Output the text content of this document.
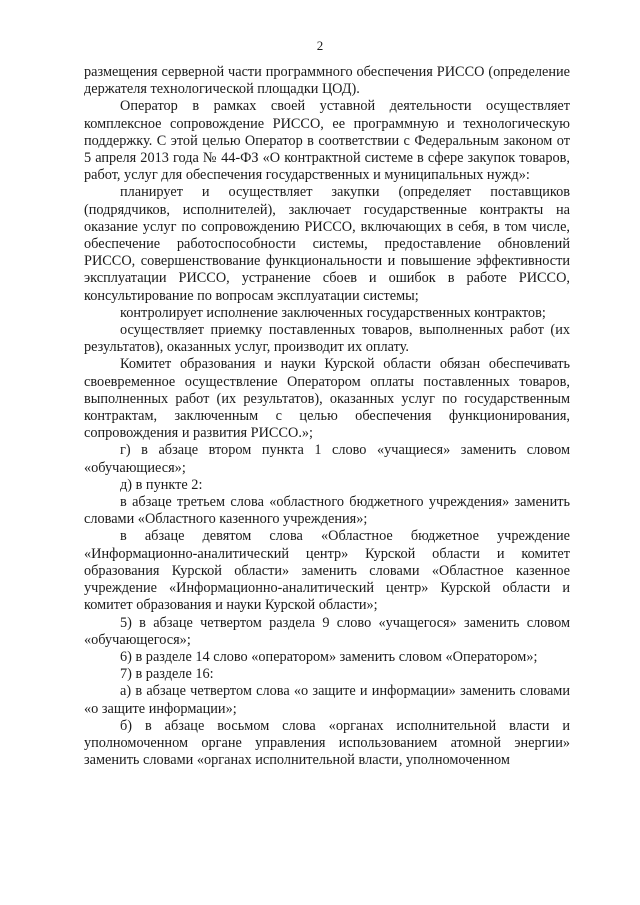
2

размещения серверной части программного обеспечения РИССО (определение держателя технологической площадки ЦОД).

Оператор в рамках своей уставной деятельности осуществляет комплексное сопровождение РИССО, ее программную и технологическую поддержку. С этой целью Оператор в соответствии с Федеральным законом от 5 апреля 2013 года № 44-ФЗ «О контрактной системе в сфере закупок товаров, работ, услуг для обеспечения государственных и муниципальных нужд»:

планирует и осуществляет закупки (определяет поставщиков (подрядчиков, исполнителей), заключает государственные контракты на оказание услуг по сопровождению РИССО, включающих в себя, в том числе, обеспечение работоспособности системы, предоставление обновлений РИССО, совершенствование функциональности и повышение эффективности эксплуатации РИССО, устранение сбоев и ошибок в работе РИССО, консультирование по вопросам эксплуатации системы;

контролирует исполнение заключенных государственных контрактов;

осуществляет приемку поставленных товаров, выполненных работ (их результатов), оказанных услуг, производит их оплату.

Комитет образования и науки Курской области обязан обеспечивать своевременное осуществление Оператором оплаты поставленных товаров, выполненных работ (их результатов), оказанных услуг по государственным контрактам, заключенным с целью обеспечения функционирования, сопровождения и развития РИССО.»;

г) в абзаце втором пункта 1 слово «учащиеся» заменить словом «обучающиеся»;

д) в пункте 2:

в абзаце третьем слова «областного бюджетного учреждения» заменить словами «Областного казенного учреждения»;

в абзаце девятом слова «Областное бюджетное учреждение «Информационно-аналитический центр» Курской области и комитет образования Курской области» заменить словами «Областное казенное учреждение «Информационно-аналитический центр» Курской области и комитет образования и науки Курской области»;

5) в абзаце четвертом раздела 9 слово «учащегося» заменить словом «обучающегося»;

6) в разделе 14 слово «оператором» заменить словом «Оператором»;

7) в разделе 16:

а) в абзаце четвертом слова «о защите и информации» заменить словами «о защите информации»;

б) в абзаце восьмом слова «органах исполнительной власти и уполномоченном органе управления использованием атомной энергии» заменить словами «органах исполнительной власти, уполномоченном
